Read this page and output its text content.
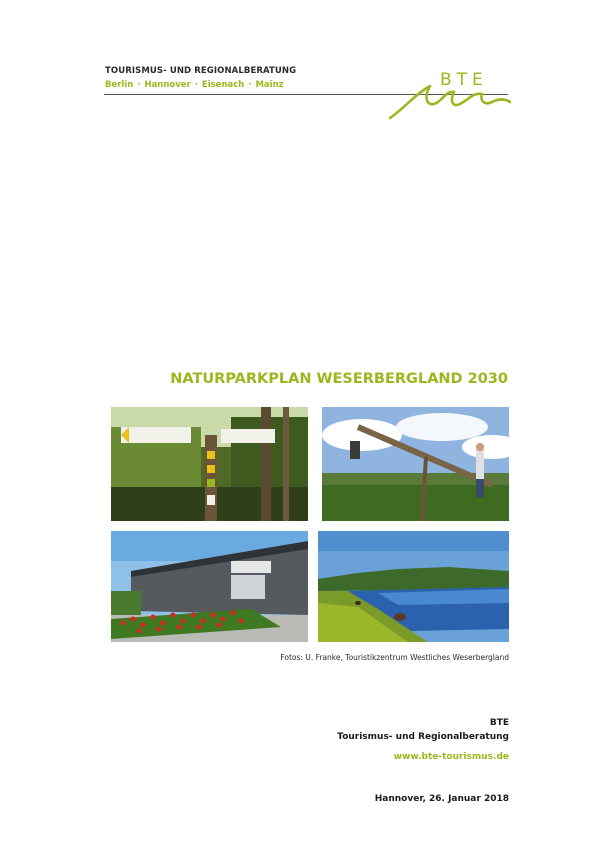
TOURISMUS- UND REGIONALBERATUNG
Berlin · Hannover · Eisenach · Mainz	BTE
NATURPARKPLAN WESERBERGLAND 2030
Fotos: U. Franke, Touristikzentrum Westliches Weserbergland
BTE
Tourismus- und Regionalberatung
www.bte-tourismus.de
Hannover, 26. Januar 2018
